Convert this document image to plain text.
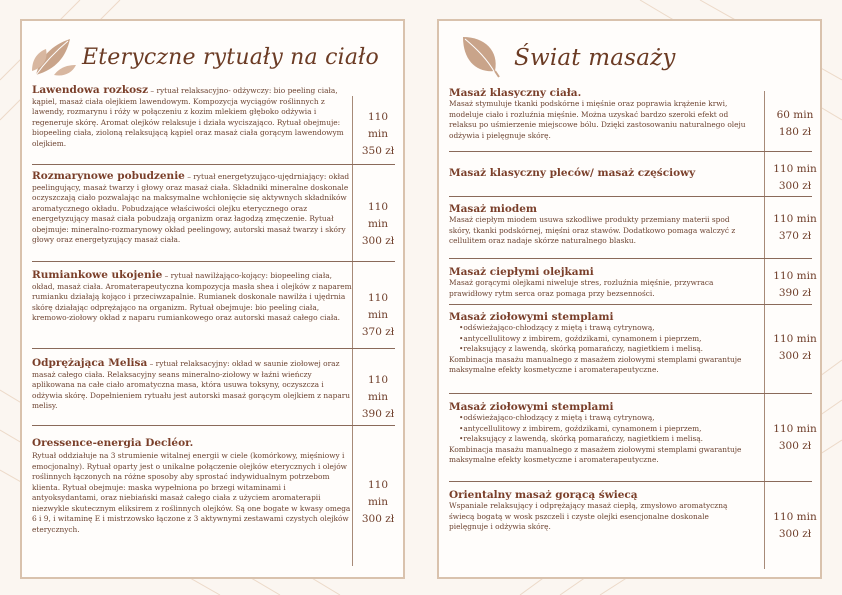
Eteryczne rytuały na ciało
Lawendowa rozkosz – rytuał relaksacyjno- odżywczy: bio peeling ciała, kąpiel, masaż ciała olejkiem lawendowym. Kompozycja wyciągów roślinnych z lawendy, rozmarynu i róży w połączeniu z kozim mlekiem głęboko odżywia i regeneruje skórę. Aromat olejków relaksuje i działa wyciszająco. Rytuał obejmuje: biopeeling ciała, zioloną relaksującą kąpiel oraz masaż ciała gorącym lawendowym olejkiem.
110 min
350 zł
Rozmarynowe pobudzenie – rytuał energetyzująco-ujędrniający: okład peelingujący, masaż twarzy i głowy oraz masaż ciała. Składniki mineralne doskonale oczyszczają ciało pozwalając na maksymalne wchłonięcie się aktywnych składników aromatycznego okładu. Pobudzające właściwości olejku eterycznego oraz energetyzujący masaż ciała pobudzają organizm oraz łagodzą zmęczenie. Rytuał obejmuje: mineralno-rozmarynowy okład peelingowy, autorski masaż twarzy i skóry głowy oraz energetyzujący masaż ciała.
110 min
300 zł
Rumiankowe ukojenie – rytuał nawilżająco-kojący: biopeeling ciała, okład, masaż ciała. Aromaterapeutyczna kompozycja masła shea i olejków z naparem rumianku działają kojąco i przeciwzapalnie. Rumianek doskonale nawilża i ujędrnia skórę działając odprężająco na organizm. Rytuał obejmuje: bio peeling ciała, kremowo-ziołowy okład z naparu rumiankowego oraz autorski masaż całego ciała.
110 min
370 zł
Odprężająca Melisa – rytuał relaksacyjny: okład w saunie ziołowej oraz masaż całego ciała. Relaksacyjny seans mineralno-ziołowy w łaźni wieńczy aplikowana na całe ciało aromatyczna masa, która usuwa toksyny, oczyszcza i odżywia skórę. Dopełnieniem rytuału jest autorski masaż gorącym olejkiem z naparu melisy.
110 min
390 zł
Oressence-energia Decléor.
Rytuał oddziałuje na 3 strumienie witalnej energii w ciele (komórkowy, mięśniowy i emocjonalny). Rytuał oparty jest o unikalne połączenie olejków eterycznych i olejów roślinnych łączonych na różne sposoby aby sprostać indywidualnym potrzebom klienta. Rytuał obejmuje: maska wypełniona po brzegi witaminami i antyoksydantami, oraz niebiański masaż całego ciała z użyciem aromaterapii niezwykle skutecznym eliksirem z roślinnych olejków. Są one bogate w kwasy omega 6 i 9, i witaminę E i mistrzowsko łączone z 3 aktywnymi zestawami czystych olejków eterycznych.
110 min
300 zł
Świat masaży
Masaż klasyczny ciała.
Masaż stymuluje tkanki podskórne i mięśnie oraz poprawia krążenie krwi, modeluje ciało i rozluźnia mięśnie. Można uzyskać bardzo szeroki efekt od relaksu po uśmierzenie miejscowe bólu. Dzięki zastosowaniu naturalnego oleju odżywia i pielęgnuje skórę.
60 min
180 zł
Masaż klasyczny pleców/ masaż częściowy	110 min
300 zł
Masaż miodem
Masaż ciepłym miodem usuwa szkodliwe produkty przemiany materii spod skóry, tkanki podskórnej, mięśni oraz stawów. Dodatkowo pomaga walczyć z cellulitem oraz nadaje skórze naturalnego blasku.
110 min
370 zł
Masaż ciepłymi olejkami
Masaż gorącymi olejkami niweluje stres, rozluźnia mięśnie, przywraca prawidłowy rytm serca oraz pomaga przy bezsenności.
110 min
390 zł
Masaż ziołowymi stemplami
• odświeżająco-chłodzący z miętą i trawą cytrynową,
• antycellulitowy z imbirem, goździkami, cynamonem i pieprzem,
• relaksujący z lawendą, skórką pomarańczy, nagietkiem i melisą.
Kombinacja masażu manualnego z masażem ziołowymi stemplami gwarantuje maksymalne efekty kosmetyczne i aromaterapeutyczne.
110 min
300 zł
Masaż ziołowymi stemplami
• odświeżająco-chłodzący z miętą i trawą cytrynową,
• antycellulitowy z imbirem, goździkami, cynamonem i pieprzem,
• relaksujący z lawendą, skórką pomarańczy, nagietkiem i melisą.
Kombinacja masażu manualnego z masażem ziołowymi stemplami gwarantuje maksymalne efekty kosmetyczne i aromaterapeutyczne.
110 min
300 zł
Orientalny masaż gorącą świecą
Wspaniale relaksujący i odprężający masaż ciepłą, zmysłowo aromatyczną świecą bogatą w wosk pszczeli i czyste olejki esencjonalne doskonale pielęgnuje i odżywia skórę.
110 min
300 zł
